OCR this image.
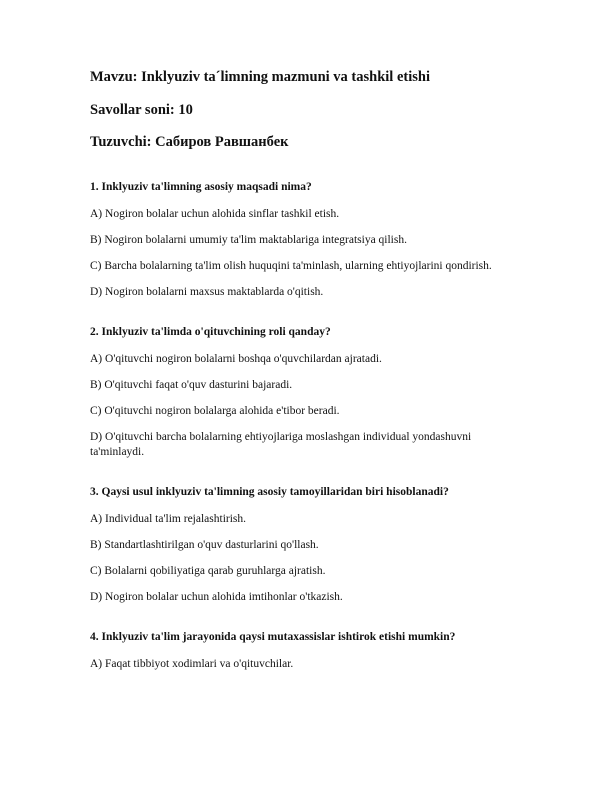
Mavzu: Inklyuziv ta´limning mazmuni va tashkil etishi

Savollar soni: 10

Tuzuvchi: Сабиров Равшанбек

1. Inklyuziv ta'limning asosiy maqsadi nima?

A) Nogiron bolalar uchun alohida sinflar tashkil etish.

B) Nogiron bolalarni umumiy ta'lim maktablariga integratsiya qilish.

C) Barcha bolalarning ta'lim olish huquqini ta'minlash, ularning ehtiyojlarini qondirish.

D) Nogiron bolalarni maxsus maktablarda o'qitish.

2. Inklyuziv ta'limda o'qituvchining roli qanday?

A) O'qituvchi nogiron bolalarni boshqa o'quvchilardan ajratadi.

B) O'qituvchi faqat o'quv dasturini bajaradi.

C) O'qituvchi nogiron bolalarga alohida e'tibor beradi.

D) O'qituvchi barcha bolalarning ehtiyojlariga moslashgan individual yondashuvni ta'minlaydi.

3. Qaysi usul inklyuziv ta'limning asosiy tamoyillaridan biri hisoblanadi?

A) Individual ta'lim rejalashtirish.

B) Standartlashtirilgan o'quv dasturlarini qo'llash.

C) Bolalarni qobiliyatiga qarab guruhlarga ajratish.

D) Nogiron bolalar uchun alohida imtihonlar o'tkazish.

4. Inklyuziv ta'lim jarayonida qaysi mutaxassislar ishtirok etishi mumkin?

A) Faqat tibbiyot xodimlari va o'qituvchilar.
